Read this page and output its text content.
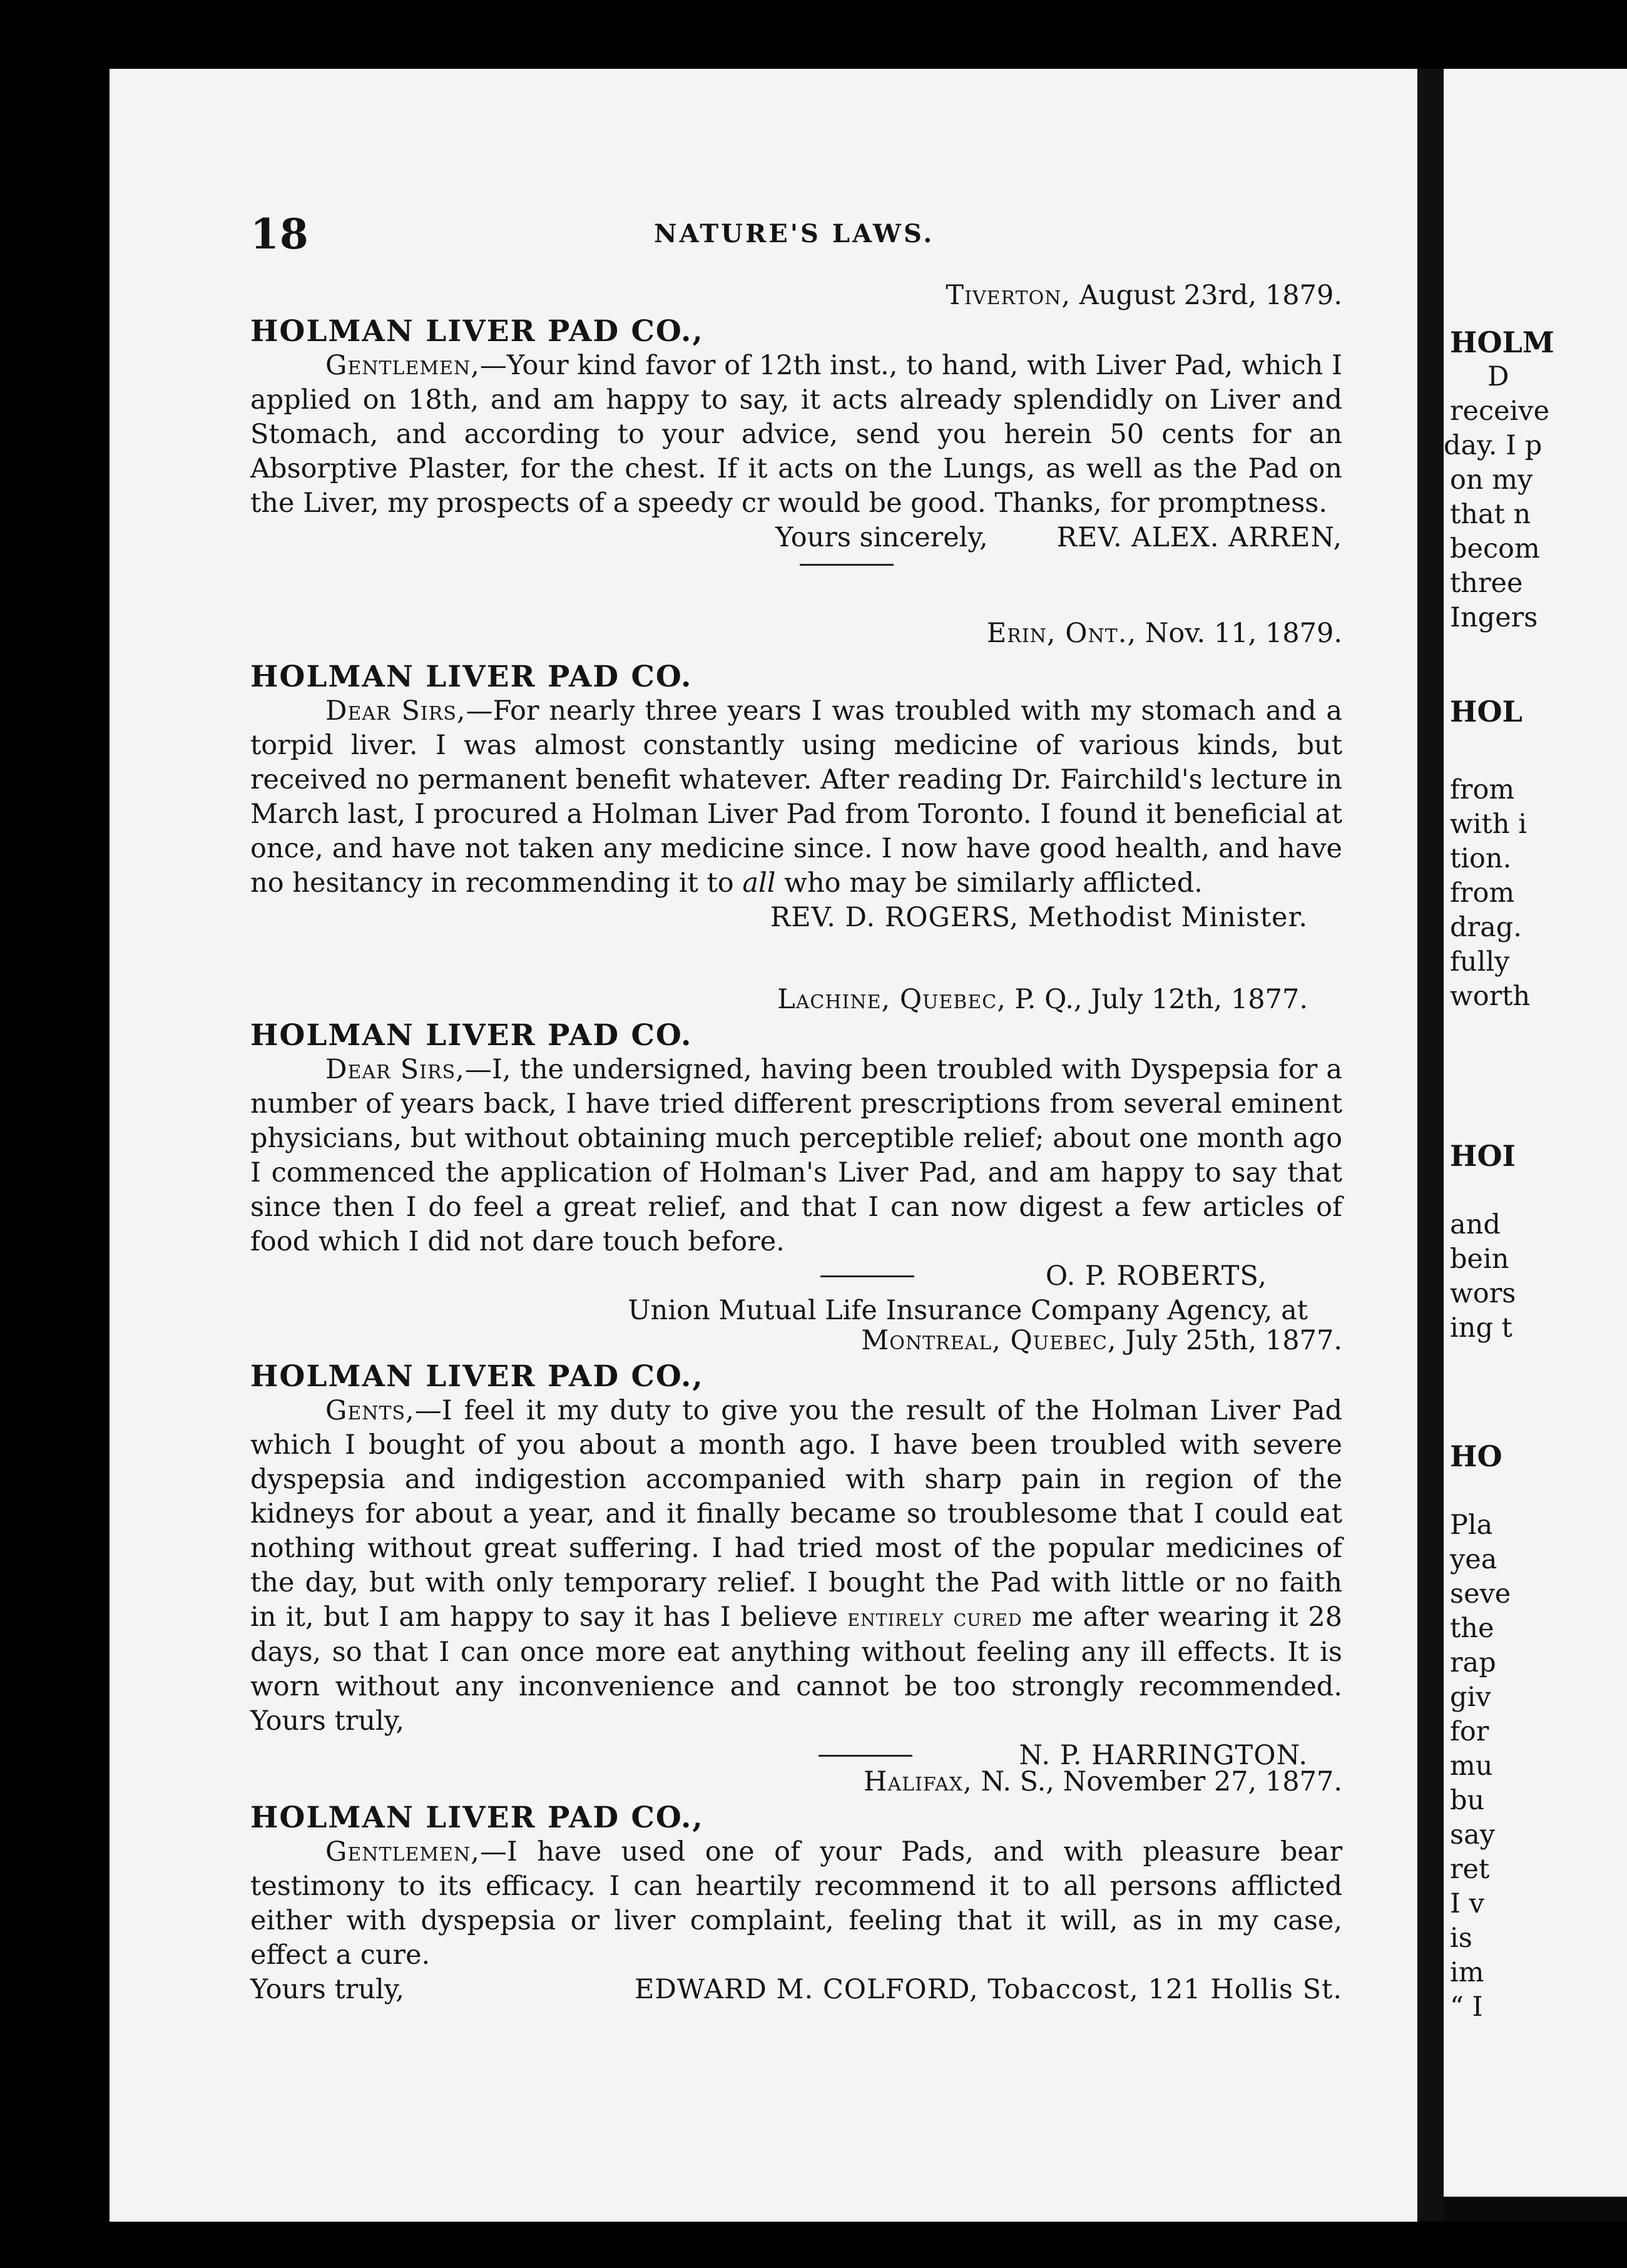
HOLM
D
receive
day. I p
on my
that n
becom
three
Ingers
HOL
from
with i
tion.
from
drag.
fully
worth
HOI
and
bein
wors
ing t
HO
Pla
yea
seve
the
rap
giv
for
mu
bu
say
ret
I v
is
im
“ I
18	NATURE'S LAWS.
Tiverton, August 23rd, 1879.
HOLMAN LIVER PAD CO.,
Gentlemen,—Your kind favor of 12th inst., to hand, with Liver Pad, which I applied on 18th, and am happy to say, it acts already splendidly on Liver and Stomach, and according to your advice, send you herein 50 cents for an Absorptive Plaster, for the chest. If it acts on the Lungs, as well as the Pad on the Liver, my prospects of a speedy cr would be good. Thanks, for promptness.
Yours sincerely,	REV. ALEX. ARREN,
Erin, Ont., Nov. 11, 1879.
HOLMAN LIVER PAD CO.
Dear Sirs,—For nearly three years I was troubled with my stomach and a torpid liver. I was almost constantly using medicine of various kinds, but received no permanent benefit whatever. After reading Dr. Fairchild's lecture in March last, I procured a Holman Liver Pad from Toronto. I found it beneficial at once, and have not taken any medicine since. I now have good health, and have no hesitancy in recommending it to all who may be similarly afflicted.
REV. D. ROGERS, Methodist Minister.
Lachine, Quebec, P. Q., July 12th, 1877.
HOLMAN LIVER PAD CO.
Dear Sirs,—I, the undersigned, having been troubled with Dyspepsia for a number of years back, I have tried different prescriptions from several eminent physicians, but without obtaining much perceptible relief; about one month ago I commenced the application of Holman's Liver Pad, and am happy to say that since then I do feel a great relief, and that I can now digest a few articles of food which I did not dare touch before.
O. P. ROBERTS,
Union Mutual Life Insurance Company Agency, at
Montreal, Quebec, July 25th, 1877.
HOLMAN LIVER PAD CO.,
Gents,—I feel it my duty to give you the result of the Holman Liver Pad which I bought of you about a month ago. I have been troubled with severe dyspepsia and indigestion accompanied with sharp pain in region of the kidneys for about a year, and it finally became so troublesome that I could eat nothing without great suffering. I had tried most of the popular medicines of the day, but with only temporary relief. I bought the Pad with little or no faith in it, but I am happy to say it has I believe entirely cured me after wearing it 28 days, so that I can once more eat anything without feeling any ill effects. It is worn without any inconvenience and cannot be too strongly recommended. Yours truly,
N. P. HARRINGTON.
Halifax, N. S., November 27, 1877.
HOLMAN LIVER PAD CO.,
Gentlemen,—I have used one of your Pads, and with pleasure bear testimony to its efficacy. I can heartily recommend it to all persons afflicted either with dyspepsia or liver complaint, feeling that it will, as in my case, effect a cure.
Yours truly,	EDWARD M. COLFORD, Tobaccost, 121 Hollis St.
